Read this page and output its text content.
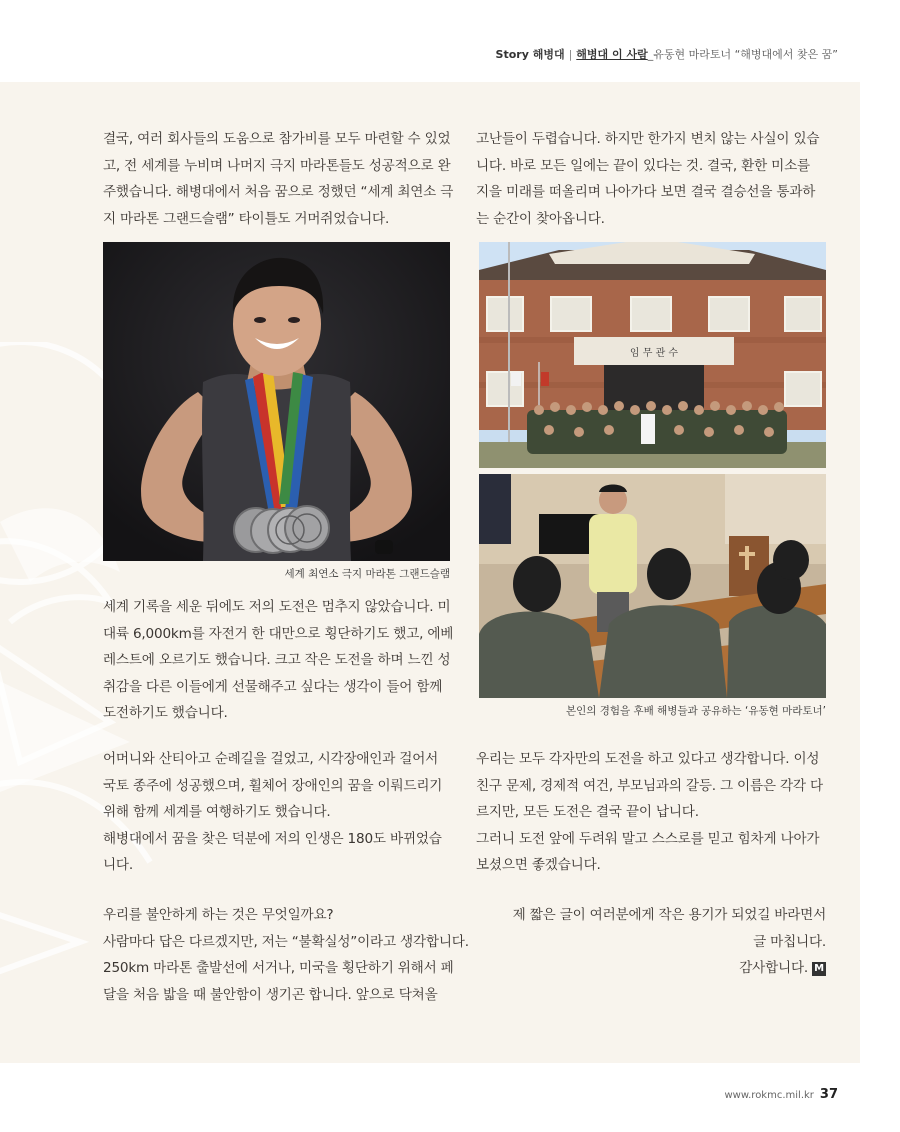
Story 해병대 | 해병대 이 사람_유동현 마라토너 “해병대에서 찾은 꿈”

결국, 여러 회사들의 도움으로 참가비를 모두 마련할 수 있었
고, 전 세계를 누비며 나머지 극지 마라톤들도 성공적으로 완
주했습니다. 해병대에서 처음 꿈으로 정했던 “세계 최연소 극
지 마라톤 그랜드슬램” 타이틀도 거머쥐었습니다.

고난들이 두렵습니다. 하지만 한가지 변치 않는 사실이 있습
니다. 바로 모든 일에는 끝이 있다는 것. 결국, 환한 미소를
지을 미래를 떠올리며 나아가다 보면 결국 결승선을 통과하
는 순간이 찾아옵니다.

세계 최연소 극지 마라톤 그랜드슬램
임 무 관 수
본인의 경험을 후배 해병들과 공유하는 ‘유동현 마라토너’

세계 기록을 세운 뒤에도 저의 도전은 멈추지 않았습니다. 미
대륙 6,000km를 자전거 한 대만으로 횡단하기도 했고, 에베
레스트에 오르기도 했습니다. 크고 작은 도전을 하며 느낀 성
취감을 다른 이들에게 선물해주고 싶다는 생각이 들어 함께
도전하기도 했습니다.

어머니와 산티아고 순례길을 걸었고, 시각장애인과 걸어서
국토 종주에 성공했으며, 휠체어 장애인의 꿈을 이뤄드리기
위해 함께 세계를 여행하기도 했습니다.
해병대에서 꿈을 찾은 덕분에 저의 인생은 180도 바뀌었습
니다.

우리는 모두 각자만의 도전을 하고 있다고 생각합니다. 이성
친구 문제, 경제적 여건, 부모님과의 갈등. 그 이름은 각각 다
르지만, 모든 도전은 결국 끝이 납니다.
그러니 도전 앞에 두려워 말고 스스로를 믿고 힘차게 나아가
보셨으면 좋겠습니다.

우리를 불안하게 하는 것은 무엇일까요?
사람마다 답은 다르겠지만, 저는 “불확실성”이라고 생각합니다.
250km 마라톤 출발선에 서거나, 미국을 횡단하기 위해서 페
달을 처음 밟을 때 불안함이 생기곤 합니다. 앞으로 닥쳐올

제 짧은 글이 여러분에게 작은 용기가 되었길 바라면서
글 마칩니다.
감사합니다. M

www.rokmc.mil.kr 37
